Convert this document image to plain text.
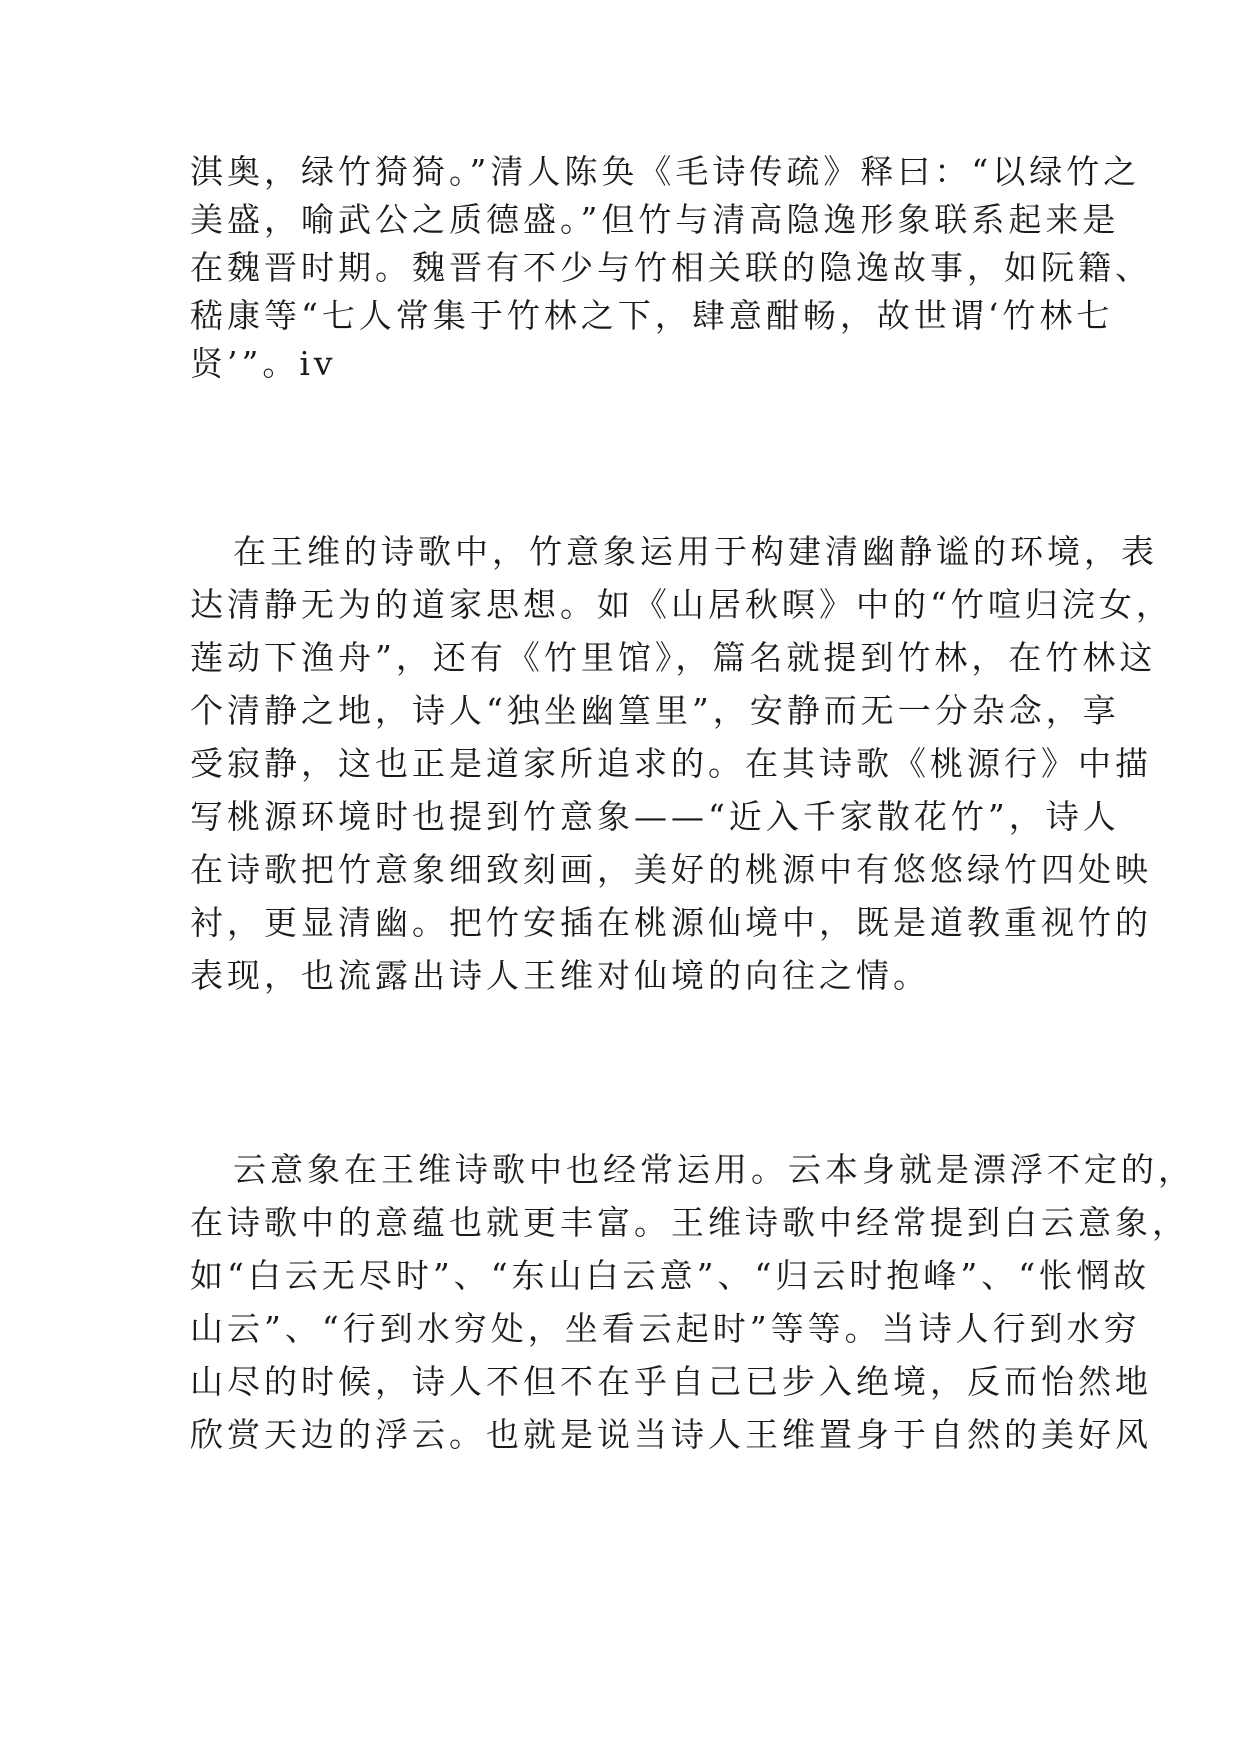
淇奥，绿竹猗猗。”清人陈奂《毛诗传疏》释曰：“以绿竹之
美盛，喻武公之质德盛。”但竹与清高隐逸形象联系起来是
在魏晋时期。魏晋有不少与竹相关联的隐逸故事，如阮籍、
嵇康等“七人常集于竹林之下，肆意酣畅，故世谓‘竹林七
贤’”。iv
在王维的诗歌中，竹意象运用于构建清幽静谧的环境，表
达清静无为的道家思想。如《山居秋暝》中的“竹喧归浣女，
莲动下渔舟”，还有《竹里馆》，篇名就提到竹林，在竹林这
个清静之地，诗人“独坐幽篁里”，安静而无一分杂念，享
受寂静，这也正是道家所追求的。在其诗歌《桃源行》中描
写桃源环境时也提到竹意象——“近入千家散花竹”，诗人
在诗歌把竹意象细致刻画，美好的桃源中有悠悠绿竹四处映
衬，更显清幽。把竹安插在桃源仙境中，既是道教重视竹的
表现，也流露出诗人王维对仙境的向往之情。
云意象在王维诗歌中也经常运用。云本身就是漂浮不定的，
在诗歌中的意蕴也就更丰富。王维诗歌中经常提到白云意象，
如“白云无尽时”、“东山白云意”、“归云时抱峰”、“怅惘故
山云”、“行到水穷处，坐看云起时”等等。当诗人行到水穷
山尽的时候，诗人不但不在乎自己已步入绝境，反而怡然地
欣赏天边的浮云。也就是说当诗人王维置身于自然的美好风
